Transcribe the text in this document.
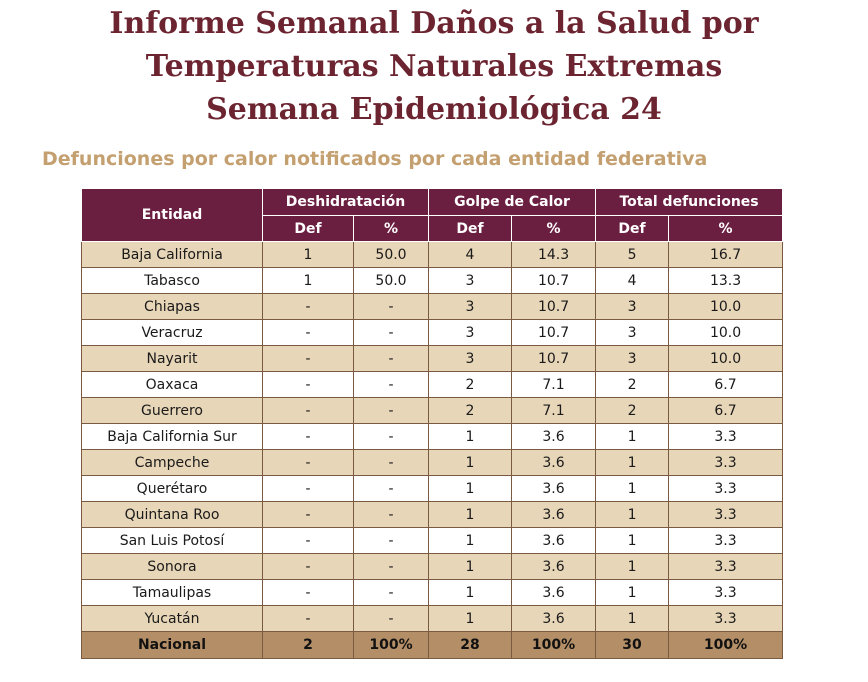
Informe Semanal Daños a la Salud por
Temperaturas Naturales Extremas
Semana Epidemiológica 24
Defunciones por calor notificados por cada entidad federativa
Entidad	Deshidratación		Golpe de Calor		Total defunciones	
	Def	%	Def	%	Def	%
Baja California	1	50.0	4	14.3	5	16.7
Tabasco	1	50.0	3	10.7	4	13.3
Chiapas	-	-	3	10.7	3	10.0
Veracruz	-	-	3	10.7	3	10.0
Nayarit	-	-	3	10.7	3	10.0
Oaxaca	-	-	2	7.1	2	6.7
Guerrero	-	-	2	7.1	2	6.7
Baja California Sur	-	-	1	3.6	1	3.3
Campeche	-	-	1	3.6	1	3.3
Querétaro	-	-	1	3.6	1	3.3
Quintana Roo	-	-	1	3.6	1	3.3
San Luis Potosí	-	-	1	3.6	1	3.3
Sonora	-	-	1	3.6	1	3.3
Tamaulipas	-	-	1	3.6	1	3.3
Yucatán	-	-	1	3.6	1	3.3
Nacional	2	100%	28	100%	30	100%
